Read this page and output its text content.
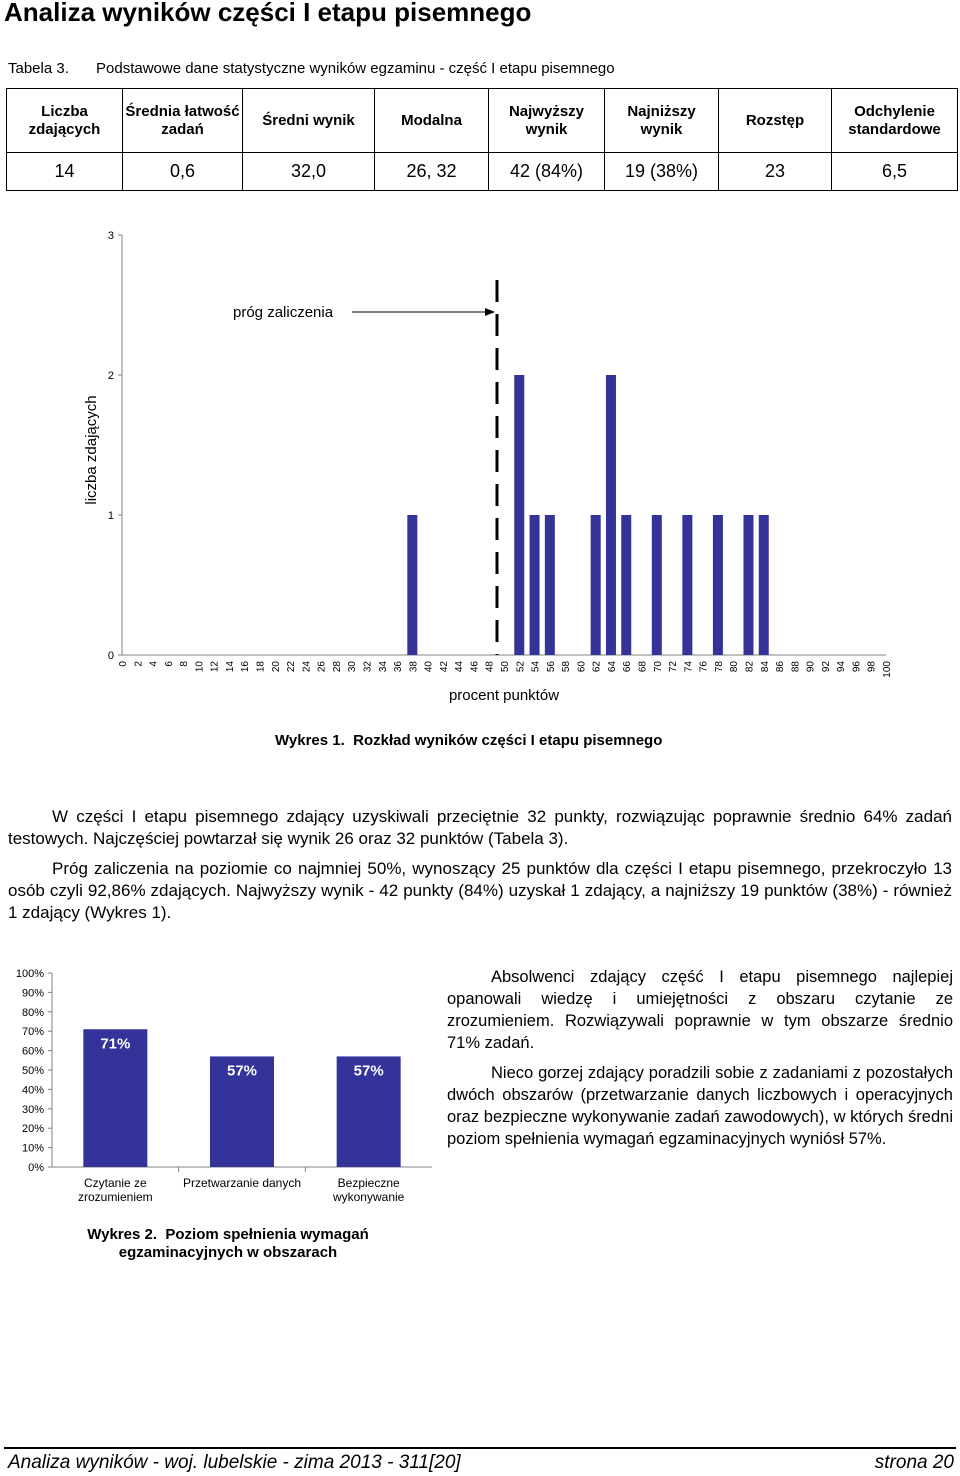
Analiza wyników części I etapu pisemnego
Tabela 3. Podstawowe dane statystyczne wyników egzaminu - część I etapu pisemnego
Liczba zdających	Średnia łatwość zadań	Średni wynik	Modalna	Najwyższy wynik	Najniższy wynik	Rozstęp	Odchylenie standardowe
14	0,6	32,0	26, 32	42 (84%)	19 (38%)	23	6,5
0
1
2
3
0 2 4 6 8 10 12 14 16 18 20 22 24 26 28 30 32 34 36 38 40 42 44 46 48 50 52 54 56 58 60 62 64 66 68 70 72 74 76 78 80 82 84 86 88 90 92 94 96 98 100
próg zaliczenia
liczba zdających
procent punktów
Wykres 1. Rozkład wyników części I etapu pisemnego
W części I etapu pisemnego zdający uzyskiwali przeciętnie 32 punkty, rozwiązując poprawnie średnio 64% zadań testowych. Najczęściej powtarzał się wynik 26 oraz 32 punktów (Tabela 3).
Próg zaliczenia na poziomie co najmniej 50%, wynoszący 25 punktów dla części I etapu pisemnego, przekroczyło 13 osób czyli 92,86% zdających. Najwyższy wynik - 42 punkty (84%) uzyskał 1 zdający, a najniższy 19 punktów (38%) - również 1 zdający (Wykres 1).
0%
10%
20%
30%
40%
50%
60%
70%
80%
90%
100%
71%
57%	57%
Czytanie ze
zrozumieniem
Przetwarzanie danych	Bezpieczne
wykonywanie
Wykres 2. Poziom spełnienia wymagań egzaminacyjnych w obszarach
Absolwenci zdający część I etapu pisemnego najlepiej opanowali wiedzę i umiejętności z obszaru czytanie ze zrozumieniem. Rozwiązywali poprawnie w tym obszarze średnio 71% zadań.
Nieco gorzej zdający poradzili sobie z zadaniami z pozostałych dwóch obszarów (przetwarzanie danych liczbowych i operacyjnych oraz bezpieczne wykonywanie zadań zawodowych), w których średni poziom spełnienia wymagań egzaminacyjnych wyniósł 57%.
Analiza wyników - woj. lubelskie - zima 2013 - 311[20]	strona 20
